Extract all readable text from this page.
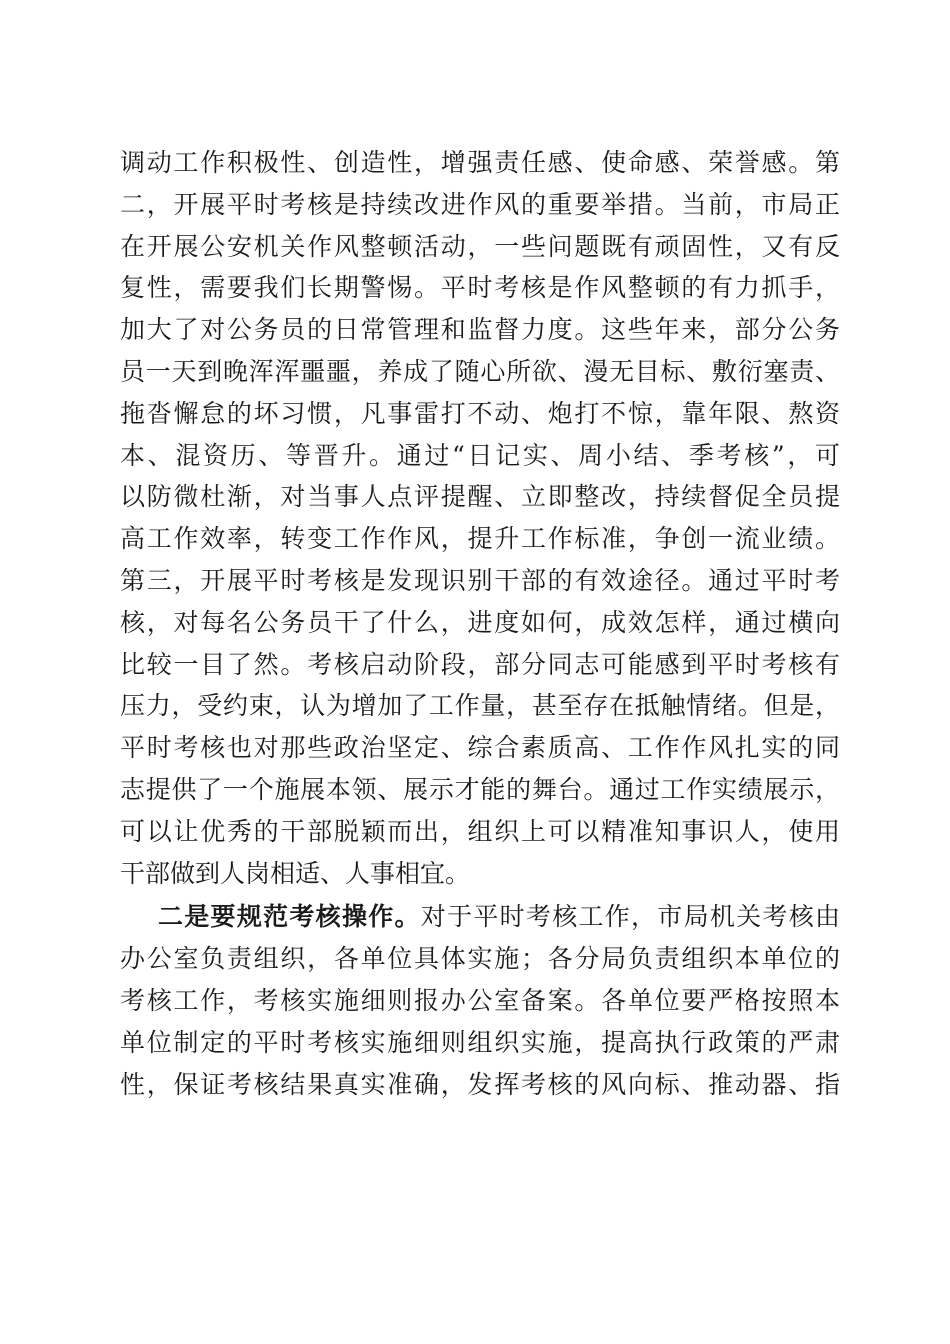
调动工作积极性、创造性，增强责任感、使命感、荣誉感。第
二，开展平时考核是持续改进作风的重要举措。当前，市局正
在开展公安机关作风整顿活动，一些问题既有顽固性，又有反
复性，需要我们长期警惕。平时考核是作风整顿的有力抓手，
加大了对公务员的日常管理和监督力度。这些年来，部分公务
员一天到晚浑浑噩噩，养成了随心所欲、漫无目标、敷衍塞责、
拖沓懈怠的坏习惯，凡事雷打不动、炮打不惊，靠年限、熬资
本、混资历、等晋升。通过“日记实、周小结、季考核”，可
以防微杜渐，对当事人点评提醒、立即整改，持续督促全员提
高工作效率，转变工作作风，提升工作标准，争创一流业绩。
第三，开展平时考核是发现识别干部的有效途径。通过平时考
核，对每名公务员干了什么，进度如何，成效怎样，通过横向
比较一目了然。考核启动阶段，部分同志可能感到平时考核有
压力，受约束，认为增加了工作量，甚至存在抵触情绪。但是，
平时考核也对那些政治坚定、综合素质高、工作作风扎实的同
志提供了一个施展本领、展示才能的舞台。通过工作实绩展示，
可以让优秀的干部脱颖而出，组织上可以精准知事识人，使用
干部做到人岗相适、人事相宜。
二是要规范考核操作。对于平时考核工作，市局机关考核由
办公室负责组织，各单位具体实施；各分局负责组织本单位的
考核工作，考核实施细则报办公室备案。各单位要严格按照本
单位制定的平时考核实施细则组织实施，提高执行政策的严肃
性，保证考核结果真实准确，发挥考核的风向标、推动器、指
